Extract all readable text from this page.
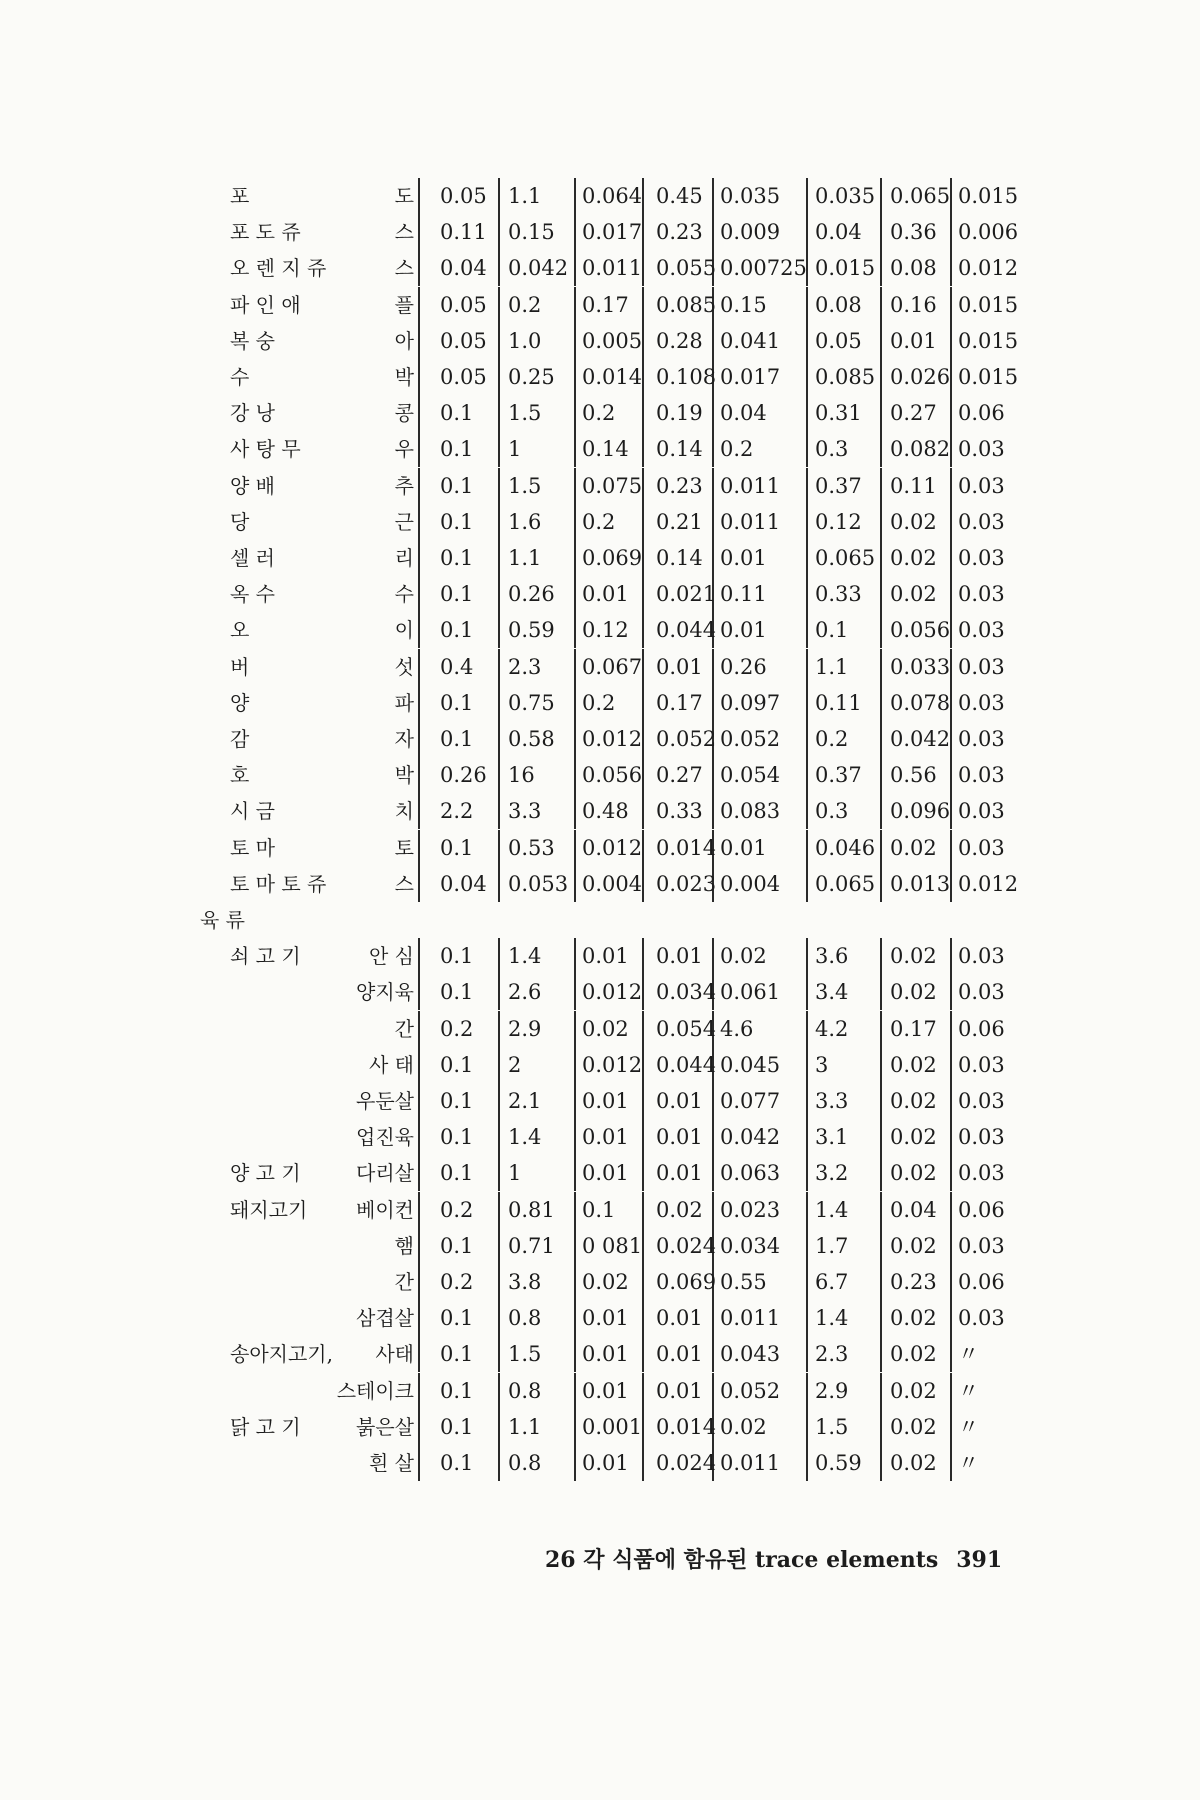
포	도 0.05 1.1 0.064 0.45 0.035 0.035 0.065 0.015
포 도 쥬	스 0.11 0.15 0.017 0.23 0.009 0.04 0.36 0.006
오 렌 지 쥬	스 0.04 0.042 0.011 0.055 0.00725 0.015 0.08 0.012
파 인 애	플 0.05 0.2 0.17 0.085 0.15 0.08 0.16 0.015
복 숭	아 0.05 1.0 0.005 0.28 0.041 0.05 0.01 0.015
수	박 0.05 0.25 0.014 0.108 0.017 0.085 0.026 0.015
강 낭	콩 0.1 1.5 0.2 0.19 0.04 0.31 0.27 0.06
사 탕 무	우 0.1 1	0.14 0.14 0.2	0.3 0.082 0.03
양 배	추 0.1 1.5 0.075 0.23 0.011 0.37 0.11 0.03
당	근 0.1 1.6 0.2 0.21 0.011 0.12 0.02 0.03
셀 러	리 0.1 1.1 0.069 0.14 0.01 0.065 0.02 0.03
옥 수	수 0.1 0.26 0.01 0.021 0.11 0.33 0.02 0.03
오	이 0.1 0.59 0.12 0.044 0.01 0.1 0.056 0.03
버	섯 0.4 2.3 0.067 0.01 0.26 1.1 0.033 0.03
양	파 0.1 0.75 0.2 0.17 0.097 0.11 0.078 0.03
감	자 0.1 0.58 0.012 0.052 0.052 0.2 0.042 0.03
호	박 0.26 16 0.056 0.27 0.054 0.37 0.56 0.03
시 금	치 2.2 3.3 0.48 0.33 0.083 0.3 0.096 0.03
토 마	토 0.1 0.53 0.012 0.014 0.01 0.046 0.02 0.03
토 마 토 쥬	스 0.04 0.053 0.004 0.023 0.004 0.065 0.013 0.012
육 류
쇠 고 기	안 심 0.1 1.4 0.01 0.01 0.02 3.6 0.02 0.03
양지육 0.1 2.6 0.012 0.034 0.061 3.4 0.02 0.03
간 0.2 2.9 0.02 0.054 4.6	4.2 0.17 0.06
사 태 0.1 2	0.012 0.044 0.045 3	0.02 0.03
우둔살 0.1 2.1 0.01 0.01 0.077 3.3 0.02 0.03
업진육 0.1 1.4 0.01 0.01 0.042 3.1 0.02 0.03
양 고 기	다리살 0.1 1	0.01 0.01 0.063 3.2 0.02 0.03
돼지고기 베이컨 0.2 0.81 0.1 0.02 0.023 1.4 0.04 0.06
햄 0.1 0.71 0 081 0.024 0.034 1.7 0.02 0.03
간 0.2 3.8 0.02 0.069 0.55 6.7 0.23 0.06
삼겹살 0.1 0.8 0.01 0.01 0.011 1.4 0.02 0.03
송아지고기, 사태 0.1 1.5 0.01 0.01 0.043 2.3 0.02 〃
스테이크 0.1 0.8 0.01 0.01 0.052 2.9 0.02 〃
닭 고 기	붉은살 0.1 1.1 0.001 0.014 0.02 1.5 0.02 〃
흰 살 0.1 0.8 0.01 0.024 0.011 0.59 0.02 〃
26 각 식품에 함유된 trace elements 391
